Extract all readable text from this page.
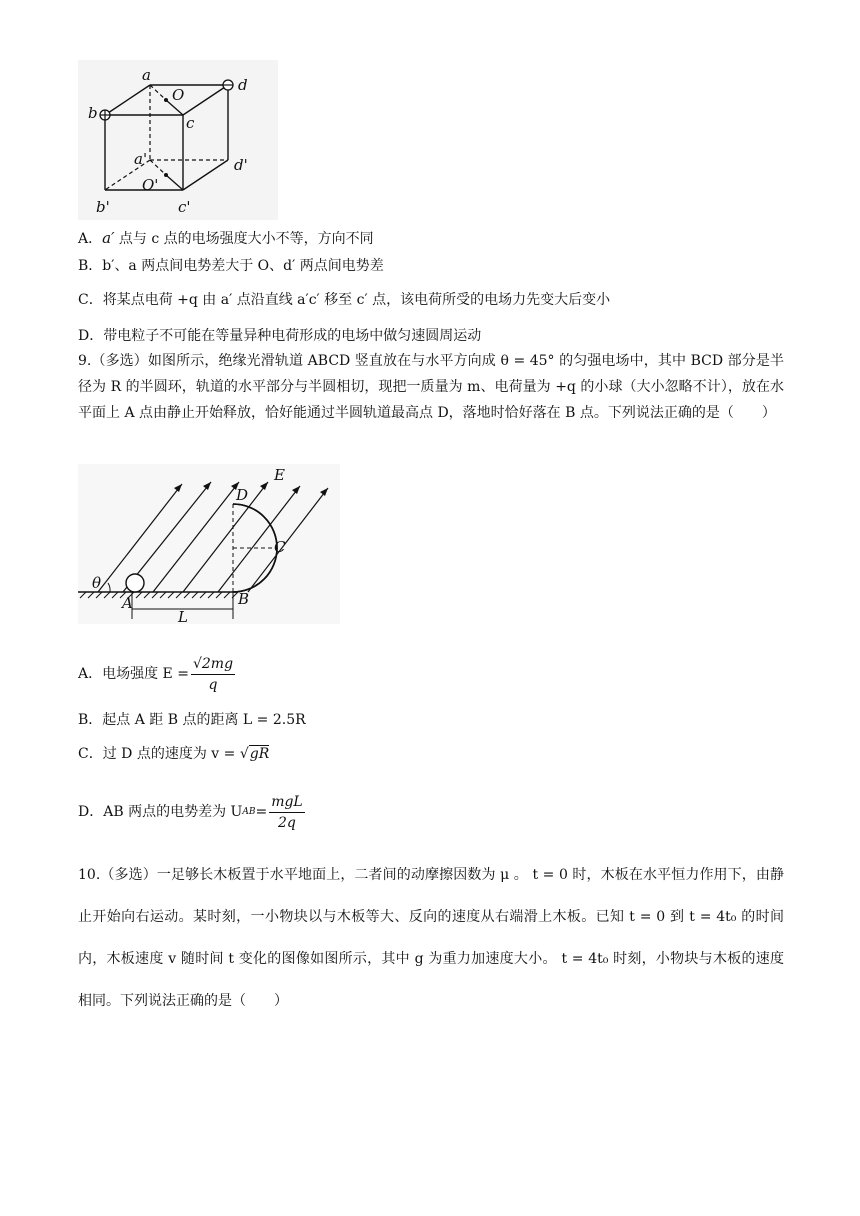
a
O
d
b
c
a'	d'
O'
b'	c'
A．a′ 点与 c 点的电场强度大小不等，方向不同
B．b′、a 两点间电势差大于 O、d′ 两点间电势差
C．将某点电荷 +q 由 a′ 点沿直线 a′c′ 移至 c′ 点，该电荷所受的电场力先变大后变小
D．带电粒子不可能在等量异种电荷形成的电场中做匀速圆周运动
9.（多选）如图所示，绝缘光滑轨道 ABCD 竖直放在与水平方向成 θ = 45° 的匀强电场中，其中 BCD 部分是半径为 R 的半圆环，轨道的水平部分与半圆相切，现把一质量为 m、电荷量为 +q 的小球（大小忽略不计），放在水平面上 A 点由静止开始释放，恰好能通过半圆轨道最高点 D，落地时恰好落在 B 点。下列说法正确的是（　　）
D
E
C
θ
A	B
L
A．电场强度 $E = \frac{√2mg}{q}$
B．起点 A 距 B 点的距离 L = 2.5R
C．过 D 点的速度为 v = √gR
D．AB 两点的电势差为 U AB = $\frac{\text{mgL}}{2q}$
10.（多选）一足够长木板置于水平地面上，二者间的动摩擦因数为 μ 。 t = 0 时，木板在水平恒力作用下，由静止开始向右运动。某时刻，一小物块以与木板等大、反向的速度从右端滑上木板。已知 t = 0 到 t = 4t₀ 的时间内，木板速度 v 随时间 t 变化的图像如图所示，其中 g 为重力加速度大小。 t = 4t₀ 时刻，小物块与木板的速度相同。下列说法正确的是（　　）
